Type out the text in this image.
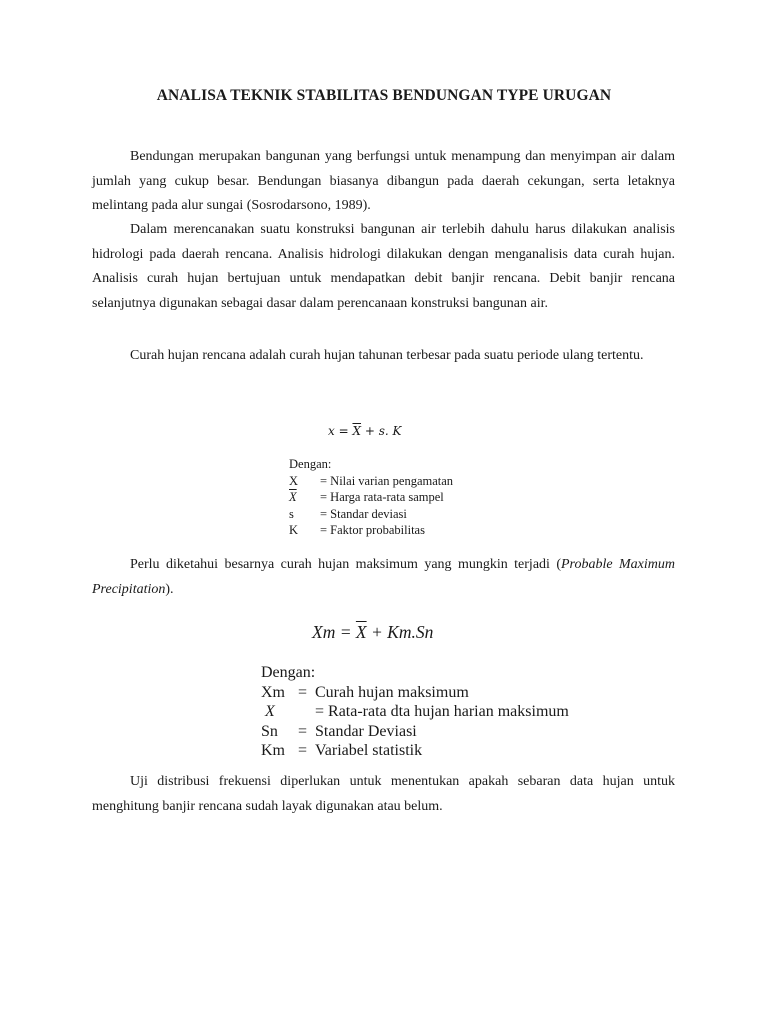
ANALISA TEKNIK STABILITAS BENDUNGAN TYPE URUGAN

Bendungan merupakan bangunan yang berfungsi untuk menampung dan menyimpan air dalam jumlah yang cukup besar. Bendungan biasanya dibangun pada daerah cekungan, serta letaknya melintang pada alur sungai (Sosrodarsono, 1989).

Dalam merencanakan suatu konstruksi bangunan air terlebih dahulu harus dilakukan analisis hidrologi pada daerah rencana. Analisis hidrologi dilakukan dengan menganalisis data curah hujan. Analisis curah hujan bertujuan untuk mendapatkan debit banjir rencana. Debit banjir rencana selanjutnya digunakan sebagai dasar dalam perencanaan konstruksi bangunan air.

Curah hujan rencana adalah curah hujan tahunan terbesar pada suatu periode ulang tertentu.

$x = \overline{X} + s$. K
Dengan:
X	= Nilai varian pengamatan
$\overline{X}$	= Harga rata-rata sampel
s	= Standar deviasi
K	= Faktor probabilitas

Perlu diketahui besarnya curah hujan maksimum yang mungkin terjadi (Probable Maximum Precipitation).

$Xm = \overline{X} + Km.Sn$
Dengan:
Xm = Curah hujan maksimum
X	= Rata-rata dta hujan harian maksimum
Sn	= Standar Deviasi
Km = Variabel statistik

Uji distribusi frekuensi diperlukan untuk menentukan apakah sebaran data hujan untuk menghitung banjir rencana sudah layak digunakan atau belum.
